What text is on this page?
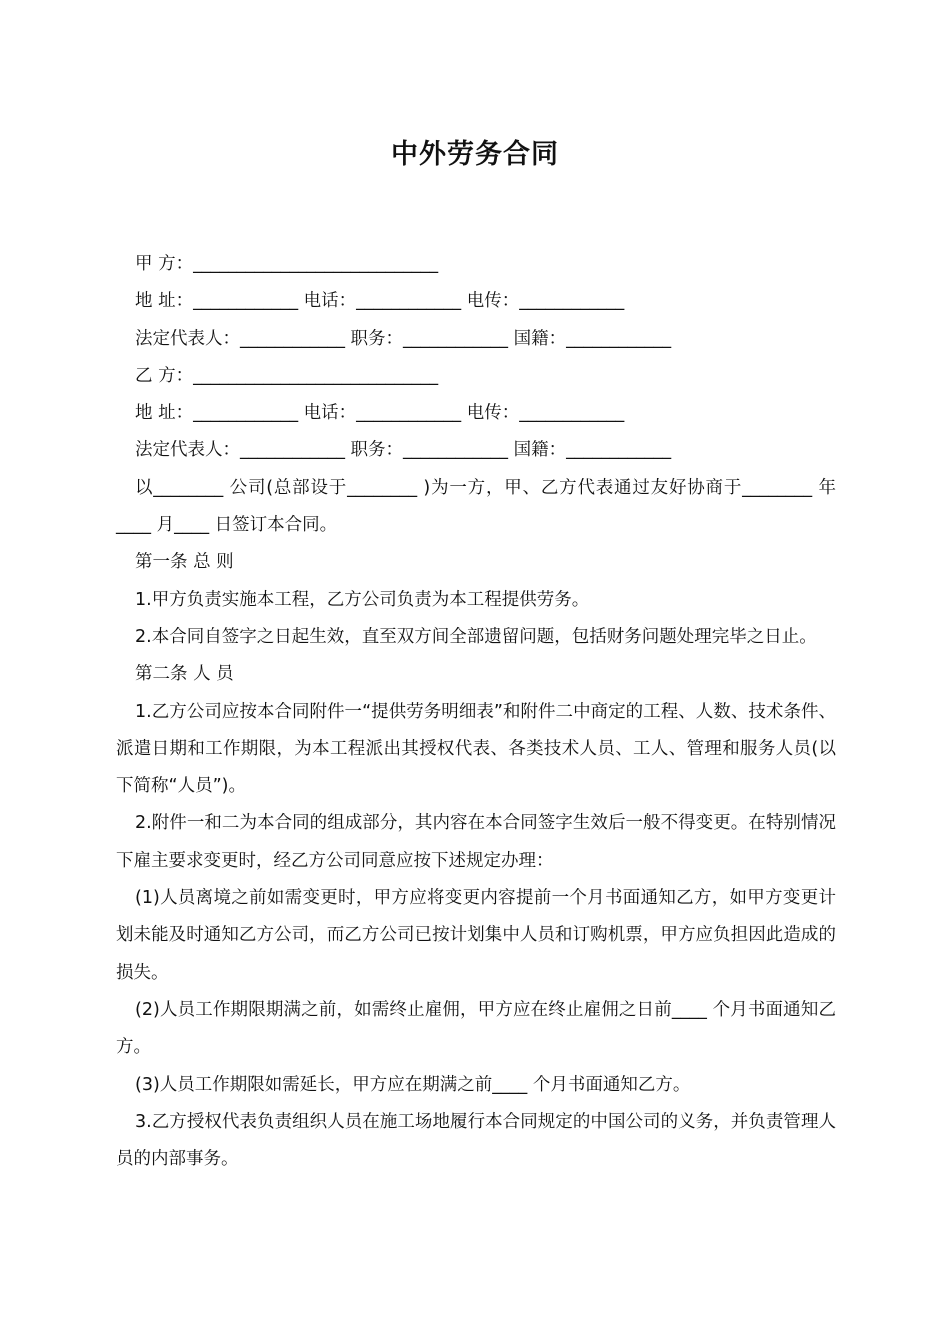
中外劳务合同
甲 方：____________________________
地 址：____________ 电话：____________ 电传：____________
法定代表人：____________ 职务：____________ 国籍：____________
乙 方：____________________________
地 址：____________ 电话：____________ 电传：____________
法定代表人：____________ 职务：____________ 国籍：____________

以________ 公司(总部设于________ )为一方，甲、乙方代表通过友好协商于________ 年____ 月____ 日签订本合同。

第一条 总 则

1.甲方负责实施本工程，乙方公司负责为本工程提供劳务。

2.本合同自签字之日起生效，直至双方间全部遗留问题，包括财务问题处理完毕之日止。

第二条 人 员

1.乙方公司应按本合同附件一“提供劳务明细表”和附件二中商定的工程、人数、技术条件、派遣日期和工作期限，为本工程派出其授权代表、各类技术人员、工人、管理和服务人员(以下简称“人员”)。

2.附件一和二为本合同的组成部分，其内容在本合同签字生效后一般不得变更。在特别情况下雇主要求变更时，经乙方公司同意应按下述规定办理：

(1)人员离境之前如需变更时，甲方应将变更内容提前一个月书面通知乙方，如甲方变更计划未能及时通知乙方公司，而乙方公司已按计划集中人员和订购机票，甲方应负担因此造成的损失。

(2)人员工作期限期满之前，如需终止雇佣，甲方应在终止雇佣之日前____ 个月书面通知乙方。

(3)人员工作期限如需延长，甲方应在期满之前____ 个月书面通知乙方。

3.乙方授权代表负责组织人员在施工场地履行本合同规定的中国公司的义务，并负责管理人员的内部事务。
